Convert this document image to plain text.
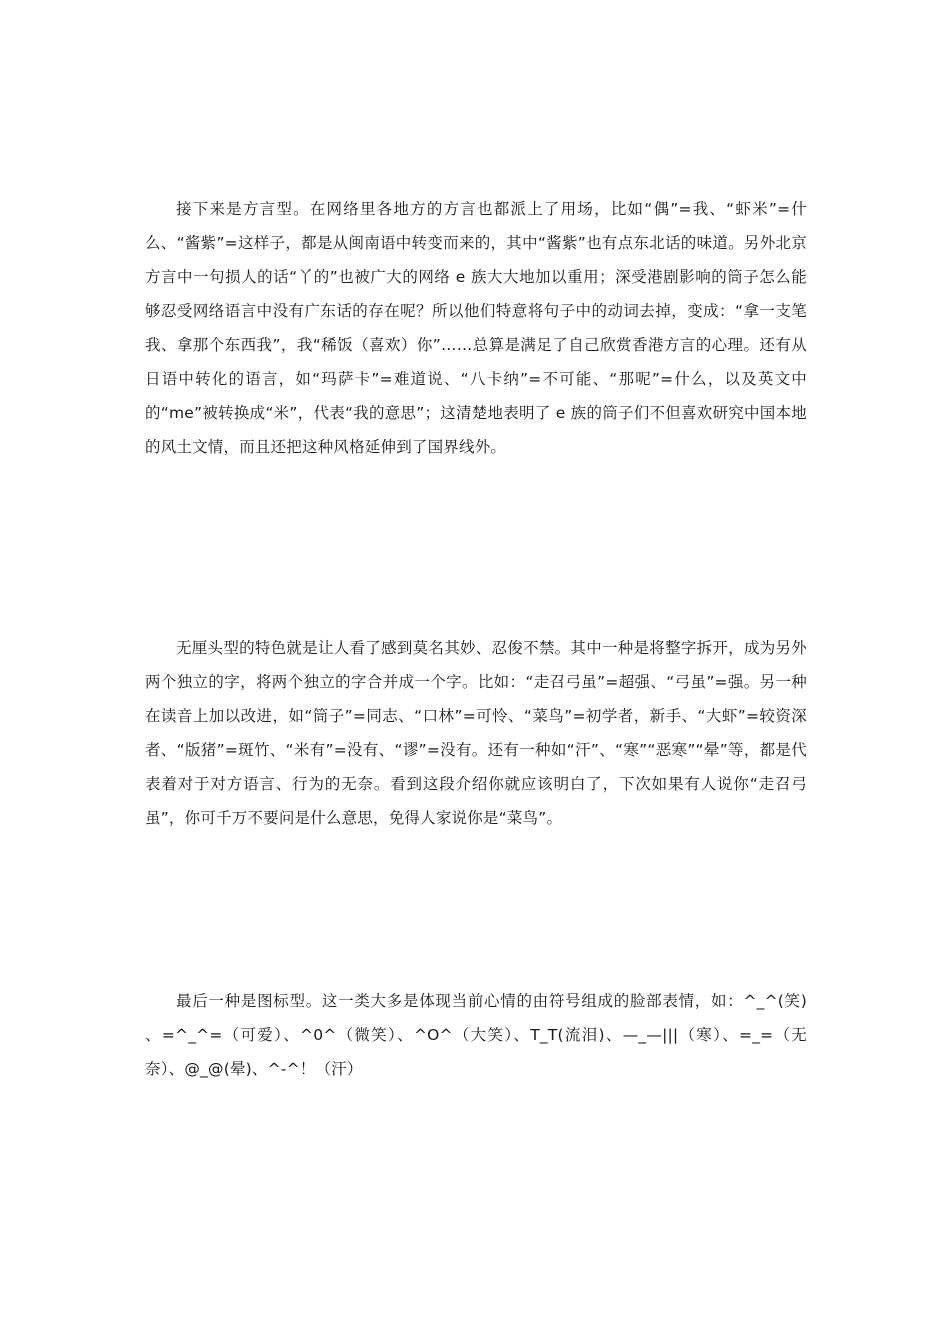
接下来是方言型。在网络里各地方的方言也都派上了用场，比如“偶”=我、“虾米”=什么、“酱紫”=这样子，都是从闽南语中转变而来的，其中“酱紫”也有点东北话的味道。另外北京方言中一句损人的话“丫的”也被广大的网络 e 族大大地加以重用；深受港剧影响的筒子怎么能够忍受网络语言中没有广东话的存在呢？所以他们特意将句子中的动词去掉，变成：“拿一支笔我、拿那个东西我”，我“稀饭（喜欢）你”……总算是满足了自己欣赏香港方言的心理。还有从日语中转化的语言，如“玛萨卡”=难道说、“八卡纳”=不可能、“那呢”=什么，以及英文中的“me”被转换成“米”，代表“我的意思”；这清楚地表明了 e 族的筒子们不但喜欢研究中国本地的风土文情，而且还把这种风格延伸到了国界线外。

无厘头型的特色就是让人看了感到莫名其妙、忍俊不禁。其中一种是将整字拆开，成为另外两个独立的字，将两个独立的字合并成一个字。比如：“走召弓虽”=超强、“弓虽”=强。另一种在读音上加以改进，如“筒子”=同志、“口林”=可怜、“菜鸟”=初学者，新手、“大虾”=较资深者、“版猪”=斑竹、“米有”=没有、“谬”=没有。还有一种如“汗”、“寒”“恶寒”“晕”等，都是代表着对于对方语言、行为的无奈。看到这段介绍你就应该明白了，下次如果有人说你“走召弓虽”，你可千万不要问是什么意思，免得人家说你是“菜鸟”。

最后一种是图标型。这一类大多是体现当前心情的由符号组成的脸部表情，如：^_^(笑) 、=^_^=（可爱）、^0^（微笑）、^O^（大笑）、T_T(流泪)、—_—|||（寒）、=_=（无奈）、@_@(晕)、^-^！（汗）
